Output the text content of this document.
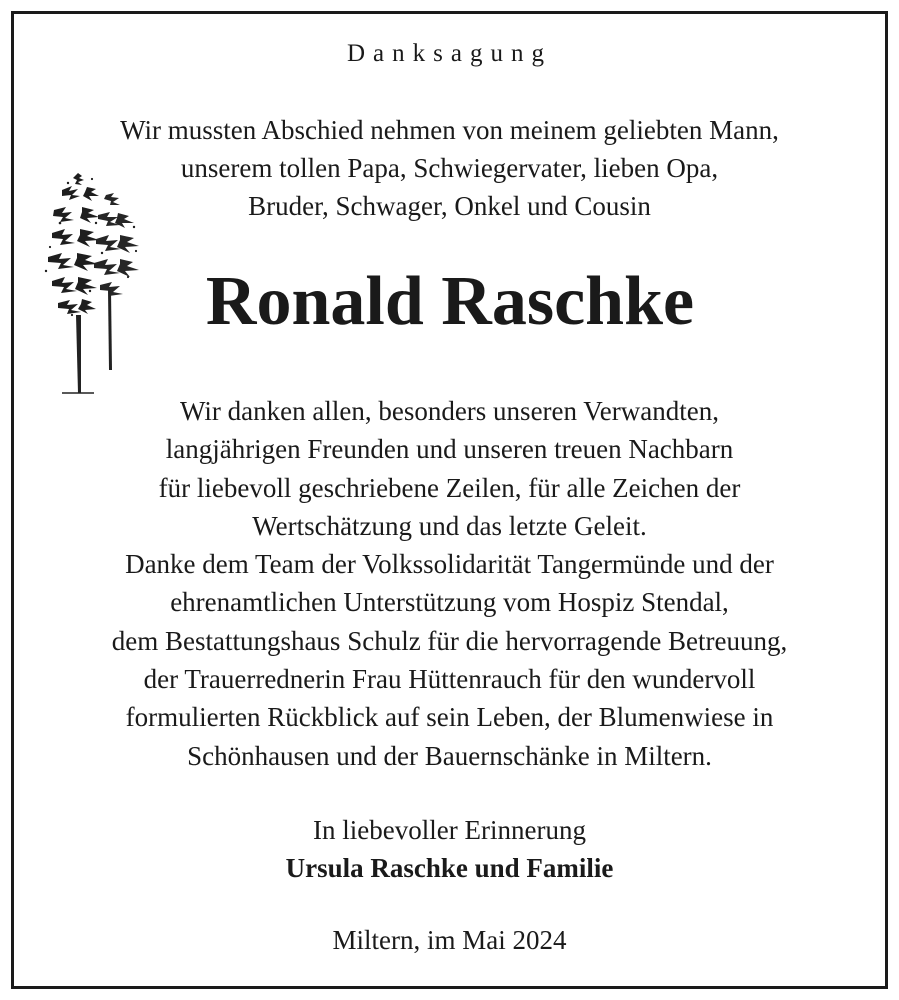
Danksagung
Wir mussten Abschied nehmen von meinem geliebten Mann,
unserem tollen Papa, Schwiegervater, lieben Opa,
Bruder, Schwager, Onkel und Cousin
Ronald Raschke
Wir danken allen, besonders unseren Verwandten,
langjährigen Freunden und unseren treuen Nachbarn
für liebevoll geschriebene Zeilen, für alle Zeichen der
Wertschätzung und das letzte Geleit.
Danke dem Team der Volkssolidarität Tangermünde und der
ehrenamtlichen Unterstützung vom Hospiz Stendal,
dem Bestattungshaus Schulz für die hervorragende Betreuung,
der Trauerrednerin Frau Hüttenrauch für den wundervoll
formulierten Rückblick auf sein Leben, der Blumenwiese in
Schönhausen und der Bauernschänke in Miltern.
In liebevoller Erinnerung
Ursula Raschke und Familie
Miltern, im Mai 2024
